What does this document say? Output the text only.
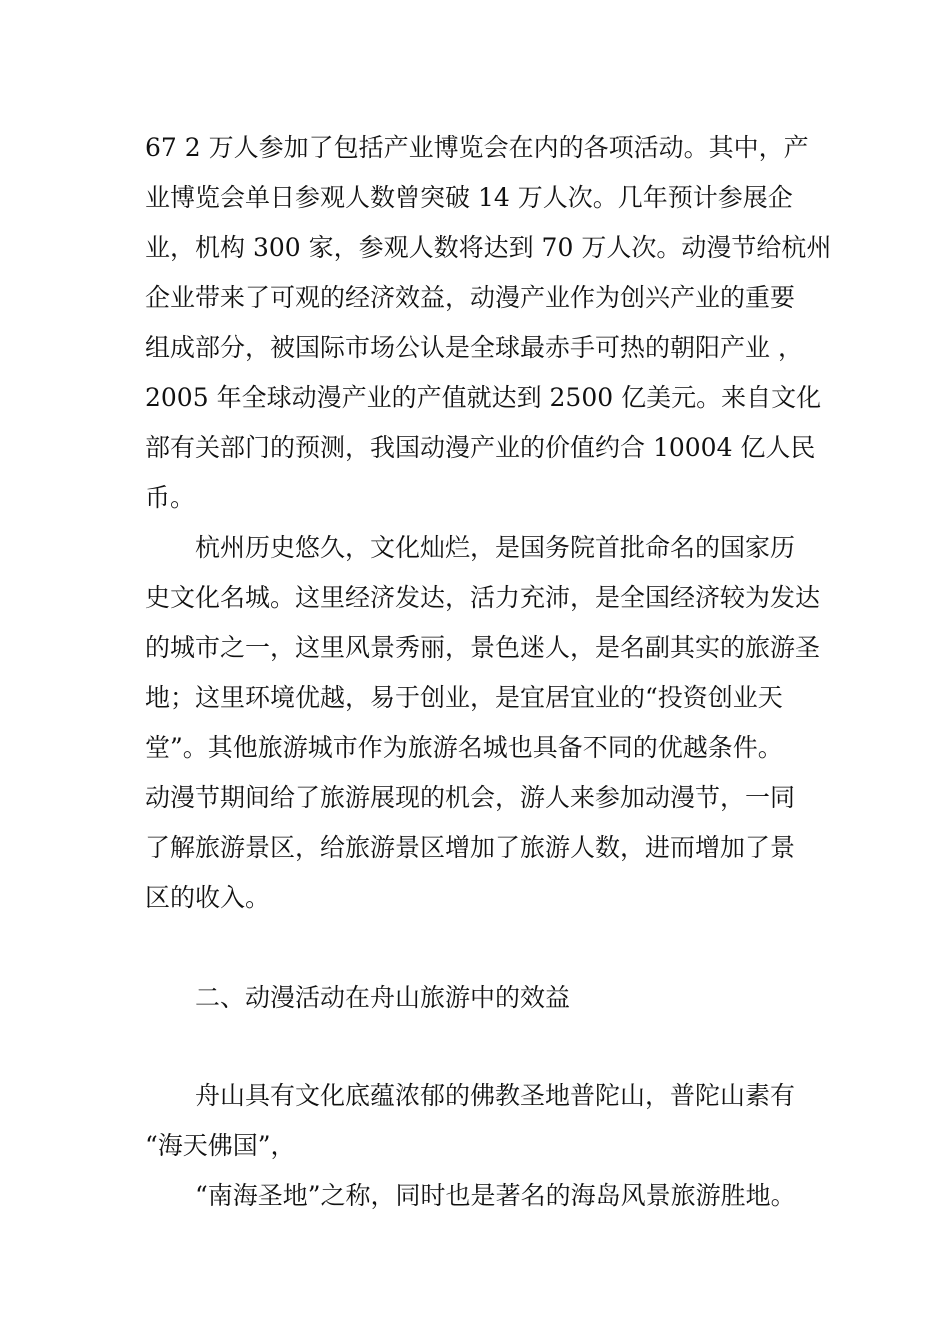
67 2 万人参加了包括产业博览会在内的各项活动。其中，产
业博览会单日参观人数曾突破 14 万人次。几年预计参展企
业，机构 300 家，参观人数将达到 70 万人次。动漫节给杭州
企业带来了可观的经济效益，动漫产业作为创兴产业的重要
组成部分，被国际市场公认是全球最赤手可热的朝阳产业 ，
2005 年全球动漫产业的产值就达到 2500 亿美元。来自文化
部有关部门的预测，我国动漫产业的价值约合 10004 亿人民
币。
杭州历史悠久，文化灿烂，是国务院首批命名的国家历
史文化名城。这里经济发达，活力充沛，是全国经济较为发达
的城市之一，这里风景秀丽，景色迷人，是名副其实的旅游圣
地；这里环境优越，易于创业，是宜居宜业的“投资创业天
堂”。其他旅游城市作为旅游名城也具备不同的优越条件。
动漫节期间给了旅游展现的机会，游人来参加动漫节，一同
了解旅游景区，给旅游景区增加了旅游人数，进而增加了景
区的收入。
二、动漫活动在舟山旅游中的效益
舟山具有文化底蕴浓郁的佛教圣地普陀山，普陀山素有
“海天佛国”，
“南海圣地”之称，同时也是著名的海岛风景旅游胜地。
